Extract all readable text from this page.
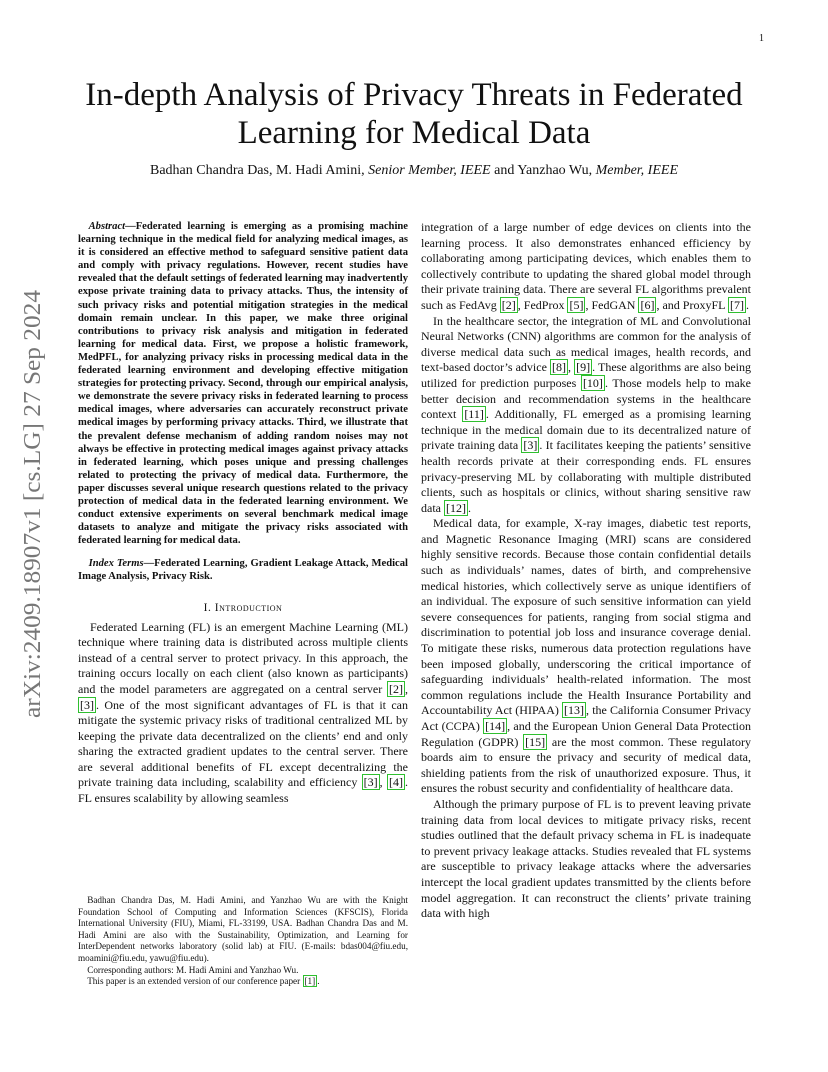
1
arXiv:2409.18907v1 [cs.LG] 27 Sep 2024
In-depth Analysis of Privacy Threats in Federated Learning for Medical Data
Badhan Chandra Das, M. Hadi Amini, Senior Member, IEEE and Yanzhao Wu, Member, IEEE

Abstract—Federated learning is emerging as a promising machine learning technique in the medical field for analyzing medical images, as it is considered an effective method to safeguard sensitive patient data and comply with privacy regulations. However, recent studies have revealed that the default settings of federated learning may inadvertently expose private training data to privacy attacks. Thus, the intensity of such privacy risks and potential mitigation strategies in the medical domain remain unclear. In this paper, we make three original contributions to privacy risk analysis and mitigation in federated learning for medical data. First, we propose a holistic framework, MedPFL, for analyzing privacy risks in processing medical data in the federated learning environment and developing effective mitigation strategies for protecting privacy. Second, through our empirical analysis, we demonstrate the severe privacy risks in federated learning to process medical images, where adversaries can accurately reconstruct private medical images by performing privacy attacks. Third, we illustrate that the prevalent defense mechanism of adding random noises may not always be effective in protecting medical images against privacy attacks in federated learning, which poses unique and pressing challenges related to protecting the privacy of medical data. Furthermore, the paper discusses several unique research questions related to the privacy protection of medical data in the federated learning environment. We conduct extensive experiments on several benchmark medical image datasets to analyze and mitigate the privacy risks associated with federated learning for medical data.

Index Terms—Federated Learning, Gradient Leakage Attack, Medical Image Analysis, Privacy Risk.

I. Introduction

Federated Learning (FL) is an emergent Machine Learning (ML) technique where training data is distributed across multiple clients instead of a central server to protect privacy. In this approach, the training occurs locally on each client (also known as participants) and the model parameters are aggregated on a central server [2] , [3] . One of the most significant advantages of FL is that it can mitigate the systemic privacy risks of traditional centralized ML by keeping the private data decentralized on the clients’ end and only sharing the extracted gradient updates to the central server. There are several additional benefits of FL except decentralizing the private training data including, scalability and efficiency [3] , [4] . FL ensures scalability by allowing seamless

integration of a large number of edge devices on clients into the learning process. It also demonstrates enhanced efficiency by collaborating among participating devices, which enables them to collectively contribute to updating the shared global model through their private training data. There are several FL algorithms prevalent such as FedAvg [2] , FedProx [5] , FedGAN [6] , and ProxyFL [7] .

In the healthcare sector, the integration of ML and Convolutional Neural Networks (CNN) algorithms are common for the analysis of diverse medical data such as medical images, health records, and text-based doctor’s advice [8] , [9] . These algorithms are also being utilized for prediction purposes [10] . Those models help to make better decision and recommendation systems in the healthcare context [11] . Additionally, FL emerged as a promising learning technique in the medical domain due to its decentralized nature of private training data [3] . It facilitates keeping the patients’ sensitive health records private at their corresponding ends. FL ensures privacy-preserving ML by collaborating with multiple distributed clients, such as hospitals or clinics, without sharing sensitive raw data [12] .

Medical data, for example, X-ray images, diabetic test reports, and Magnetic Resonance Imaging (MRI) scans are considered highly sensitive records. Because those contain confidential details such as individuals’ names, dates of birth, and comprehensive medical histories, which collectively serve as unique identifiers of an individual. The exposure of such sensitive information can yield severe consequences for patients, ranging from social stigma and discrimination to potential job loss and insurance coverage denial. To mitigate these risks, numerous data protection regulations have been imposed globally, underscoring the critical importance of safeguarding individuals’ health-related information. The most common regulations include the Health Insurance Portability and Accountability Act (HIPAA) [13] , the California Consumer Privacy Act (CCPA) [14] , and the European Union General Data Protection Regulation (GDPR) [15] are the most common. These regulatory boards aim to ensure the privacy and security of medical data, shielding patients from the risk of unauthorized exposure. Thus, it ensures the robust security and confidentiality of healthcare data.

Although the primary purpose of FL is to prevent leaving private training data from local devices to mitigate privacy risks, recent studies outlined that the default privacy schema in FL is inadequate to prevent privacy leakage attacks. Studies revealed that FL systems are susceptible to privacy leakage attacks where the adversaries intercept the local gradient updates transmitted by the clients before model aggregation. It can reconstruct the clients’ private training data with high

Badhan Chandra Das, M. Hadi Amini, and Yanzhao Wu are with the Knight Foundation School of Computing and Information Sciences (KFSCIS), Florida International University (FIU), Miami, FL-33199, USA. Badhan Chandra Das and M. Hadi Amini are also with the Sustainability, Optimization, and Learning for InterDependent networks laboratory (solid lab) at FIU. (E-mails: bdas004@fiu.edu, moamini@fiu.edu, yawu@fiu.edu).

Corresponding authors: M. Hadi Amini and Yanzhao Wu.

This paper is an extended version of our conference paper [1] .
